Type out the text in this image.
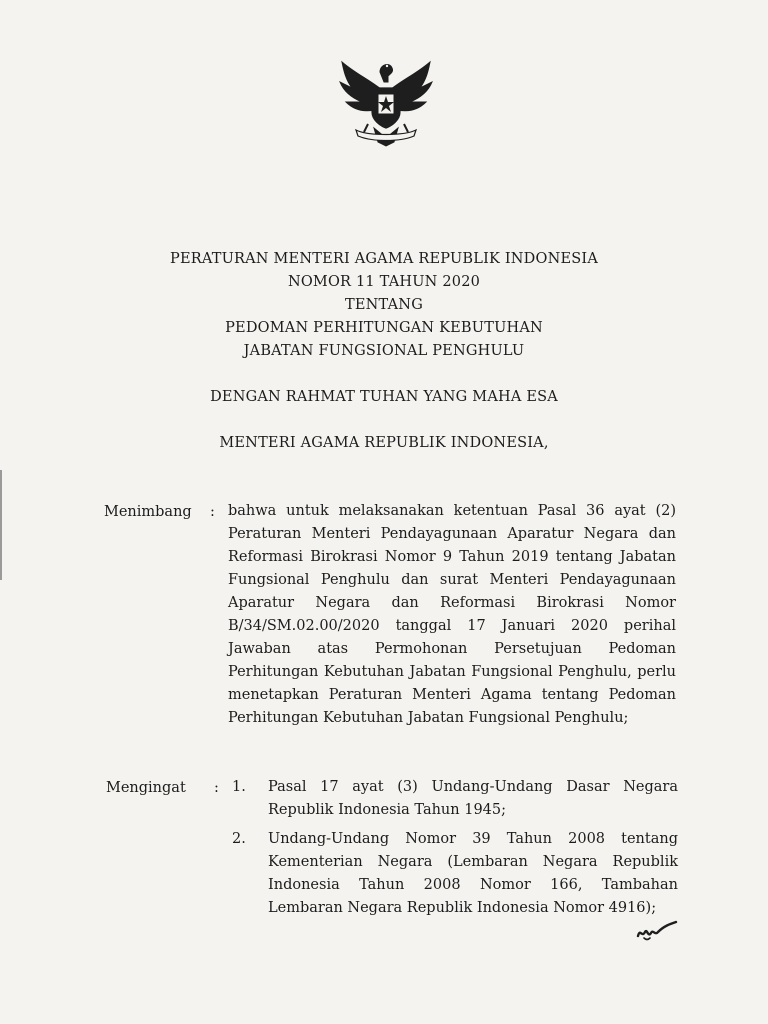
PERATURAN MENTERI AGAMA REPUBLIK INDONESIA
NOMOR 11 TAHUN 2020
TENTANG
PEDOMAN PERHITUNGAN KEBUTUHAN
JABATAN FUNGSIONAL PENGHULU
DENGAN RAHMAT TUHAN YANG MAHA ESA
MENTERI AGAMA REPUBLIK INDONESIA,
Menimbang : bahwa untuk melaksanakan ketentuan Pasal 36 ayat (2) Peraturan Menteri Pendayagunaan Aparatur Negara dan Reformasi Birokrasi Nomor 9 Tahun 2019 tentang Jabatan Fungsional Penghulu dan surat Menteri Pendayagunaan Aparatur Negara dan Reformasi Birokrasi Nomor B/34/SM.02.00/2020 tanggal 17 Januari 2020 perihal Jawaban atas Permohonan Persetujuan Pedoman Perhitungan Kebutuhan Jabatan Fungsional Penghulu, perlu menetapkan Peraturan Menteri Agama tentang Pedoman Perhitungan Kebutuhan Jabatan Fungsional Penghulu;
Mengingat : 1. Pasal 17 ayat (3) Undang-Undang Dasar Negara Republik Indonesia Tahun 1945;
2. Undang-Undang Nomor 39 Tahun 2008 tentang Kementerian Negara (Lembaran Negara Republik Indonesia Tahun 2008 Nomor 166, Tambahan Lembaran Negara Republik Indonesia Nomor 4916);
